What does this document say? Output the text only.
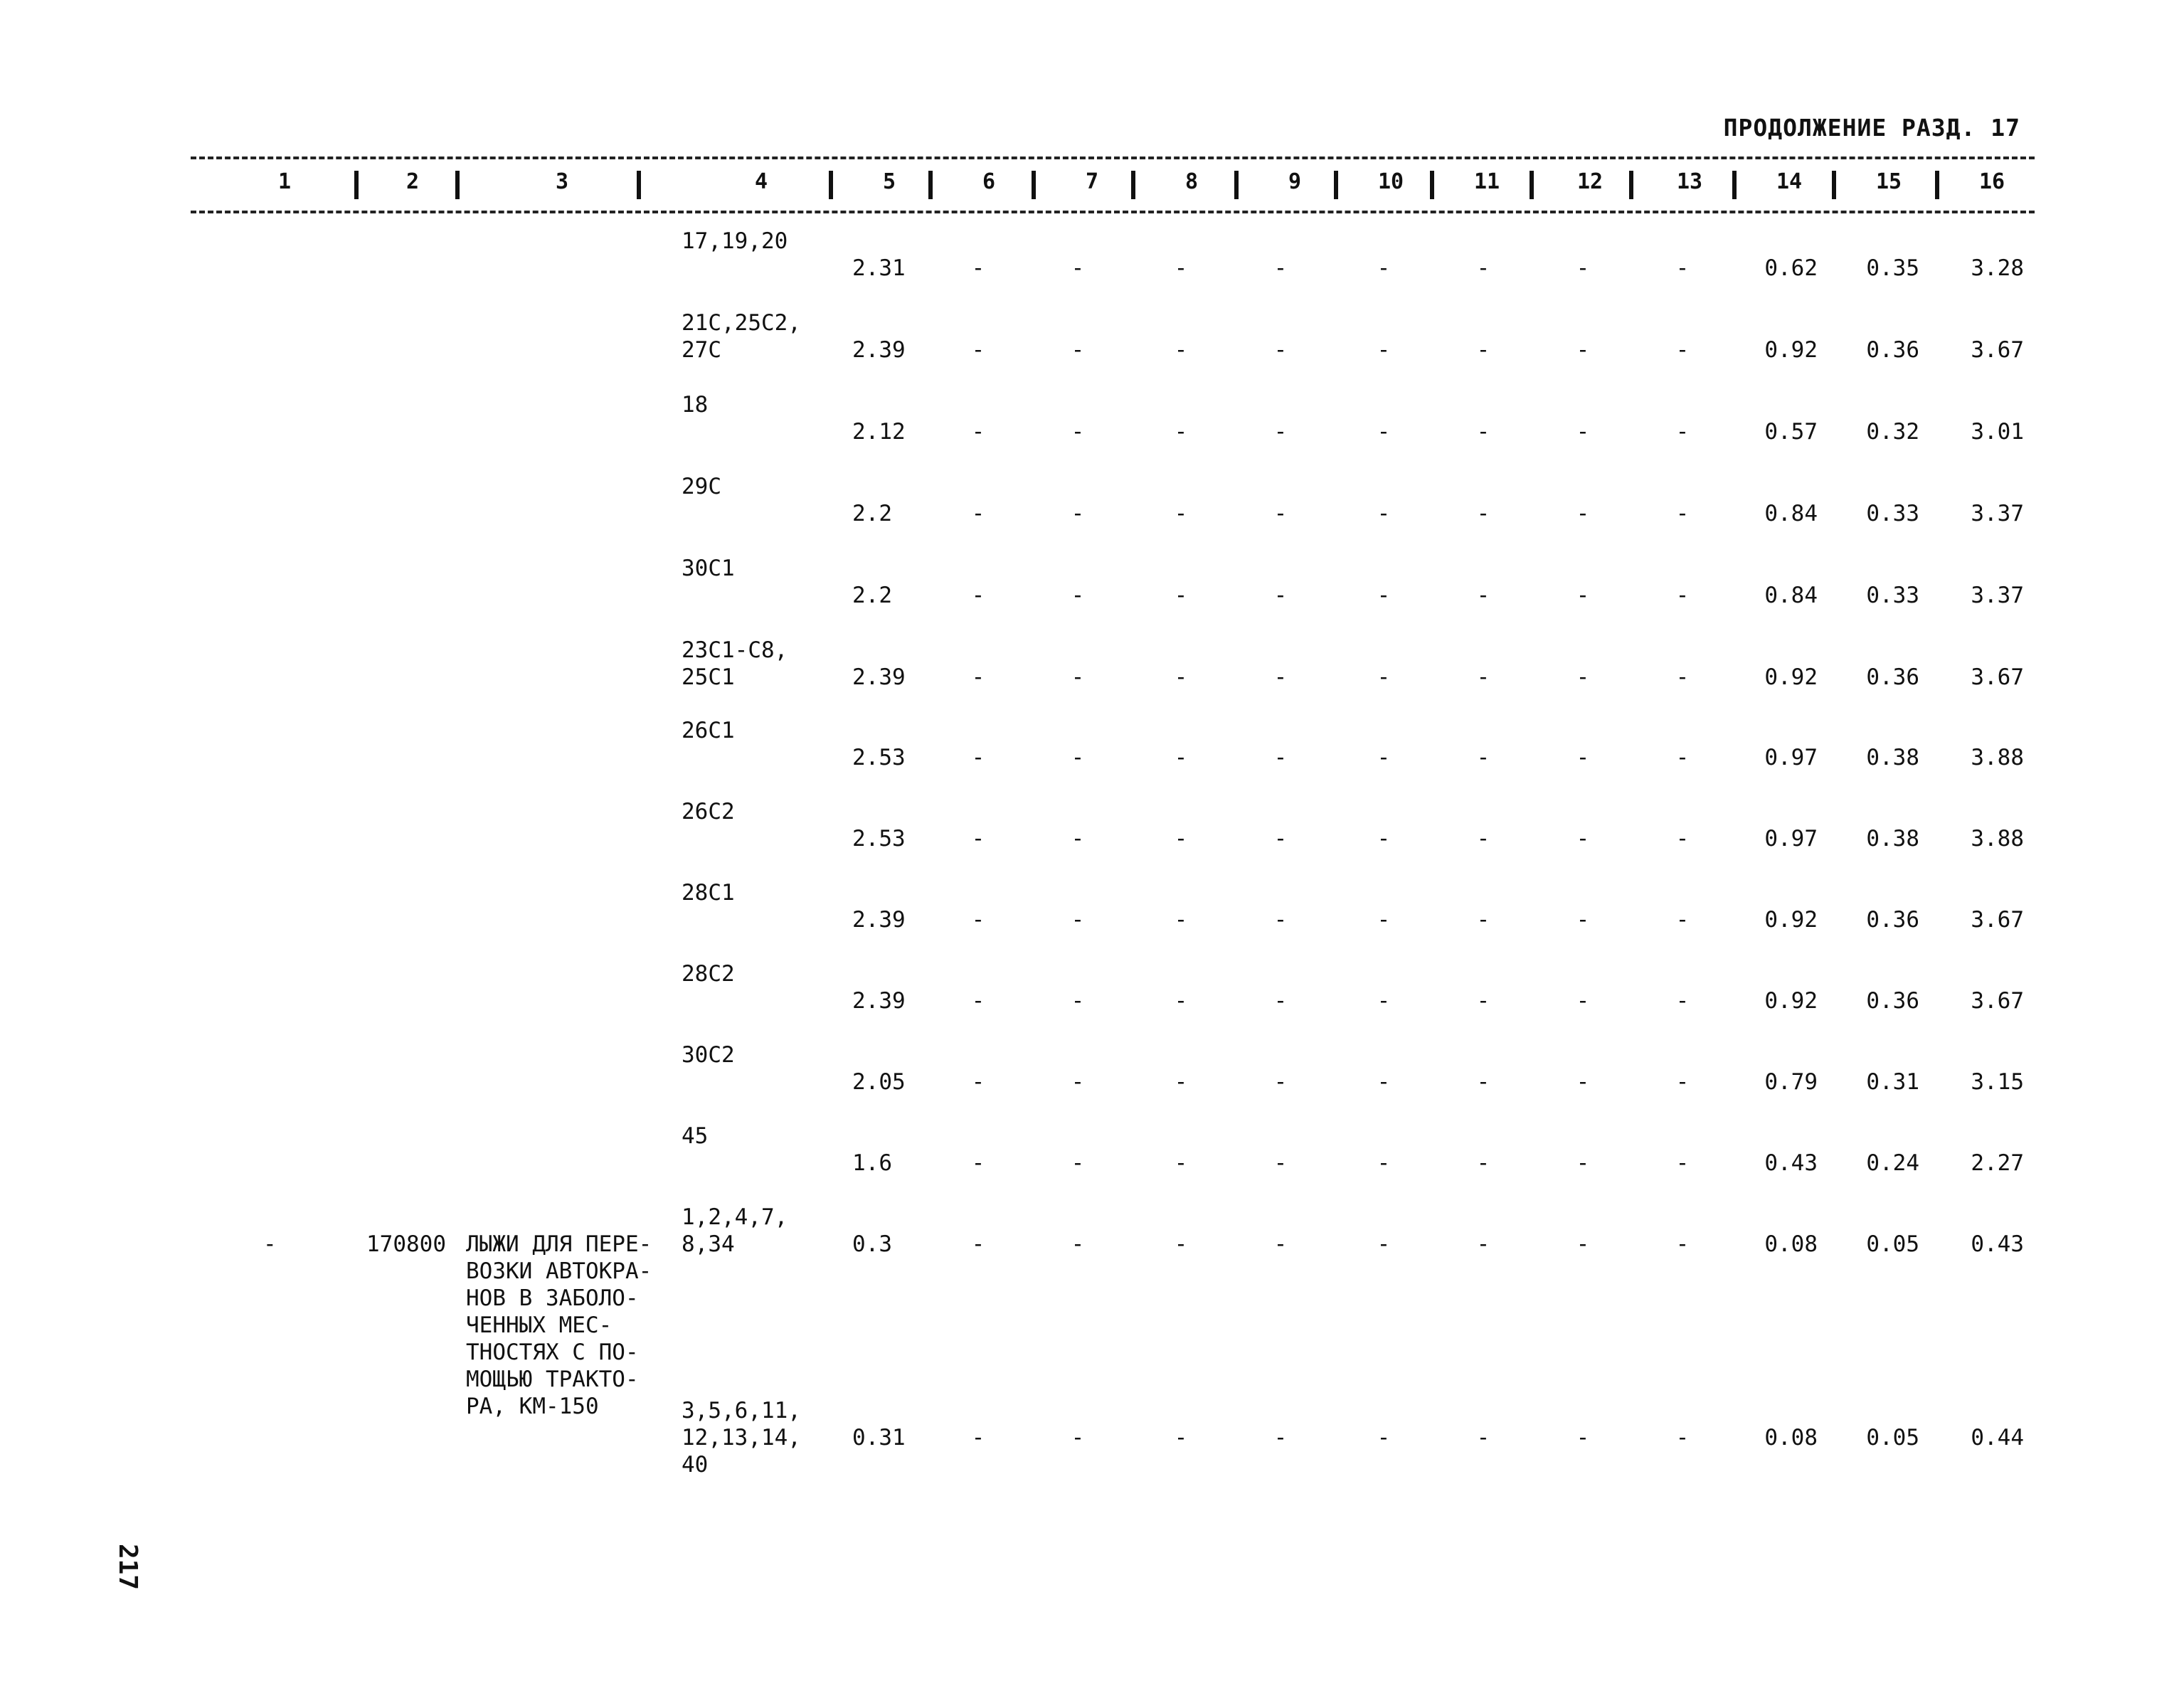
ПРОДОЛЖЕНИЕ РАЗД. 17
1	2	3	4	5	6	7	8	9	10	11	12	13	14	15	16
17,19,20
2.31	-	-	-	-	-	-	-	-	0.62	0.35	3.28
21С,25С2,
27С	2.39	-	-	-	-	-	-	-	-	0.92	0.36	3.67
18
2.12	-	-	-	-	-	-	-	-	0.57	0.32	3.01
29С
2.2	-	-	-	-	-	-	-	-	0.84	0.33	3.37
30С1
2.2	-	-	-	-	-	-	-	-	0.84	0.33	3.37
23С1-С8,
25С1	2.39	-	-	-	-	-	-	-	-	0.92	0.36	3.67
26С1
2.53	-	-	-	-	-	-	-	-	0.97	0.38	3.88
26С2
2.53	-	-	-	-	-	-	-	-	0.97	0.38	3.88
28С1
2.39	-	-	-	-	-	-	-	-	0.92	0.36	3.67
28С2
2.39	-	-	-	-	-	-	-	-	0.92	0.36	3.67
30С2
2.05	-	-	-	-	-	-	-	-	0.79	0.31	3.15
45
1.6	-	-	-	-	-	-	-	-	0.43	0.24	2.27
-	170800 ЛЫЖИ ДЛЯ ПЕРЕ-
ВОЗКИ АВТОКРА-
НОВ В ЗАБОЛО-
ЧЕННЫХ МЕС-
ТНОСТЯХ С ПО-
МОЩЬЮ ТРАКТО-
РА, КМ-150
1,2,4,7,
8,34	0.3	-	-	-	-	-	-	-	-	0.08	0.05	0.43
3,5,6,11,
12,13,14,
40
0.31	-	-	-	-	-	-	-	-	0.08	0.05	0.44
217
